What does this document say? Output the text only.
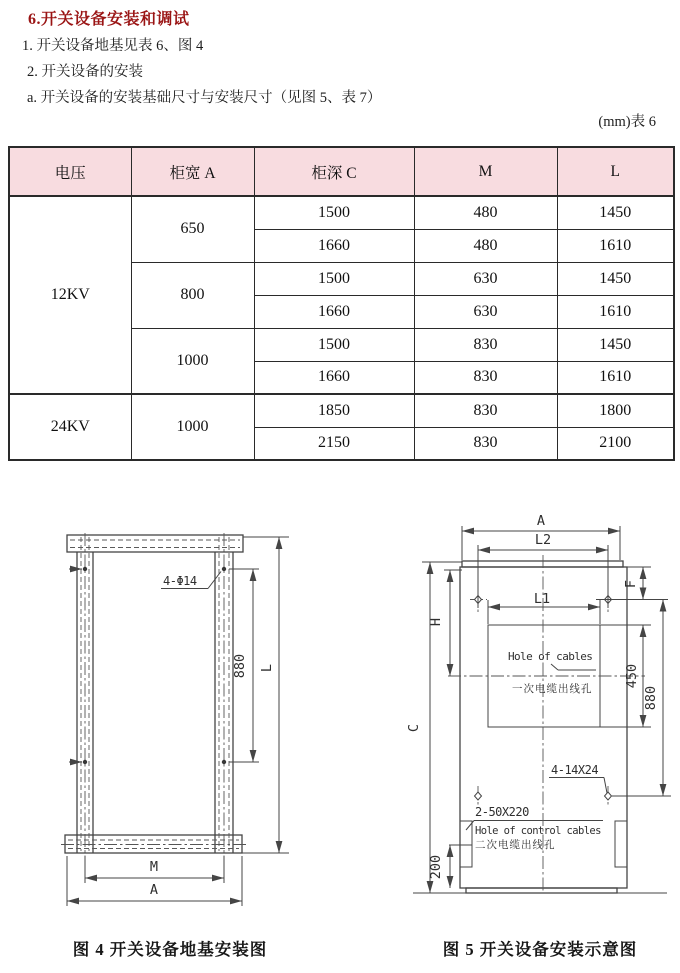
6.开关设备安装和调试
1. 开关设备地基见表 6、图 4
2. 开关设备的安装
a. 开关设备的安装基础尺寸与安装尺寸（见图 5、表 7）
(mm)表 6
电压	柜宽 A	柜深 C	M	L
12KV	650	1500	480	1450
		1660	480	1610
	800	1500	630	1450
		1660	630	1610
	1000	1500	830	1450
		1660	830	1610
24KV	1000	1850	830	1800
		2150	830	2100
4-Φ14
880 L
M
A
图 4 开关设备地基安装图
A
L2
F
H
C
L1
450
880
200
Hole of cables
一次电缆出线孔
4-14X24
2-50X220
Hole of control cables
二次电缆出线孔
图 5 开关设备安装示意图
